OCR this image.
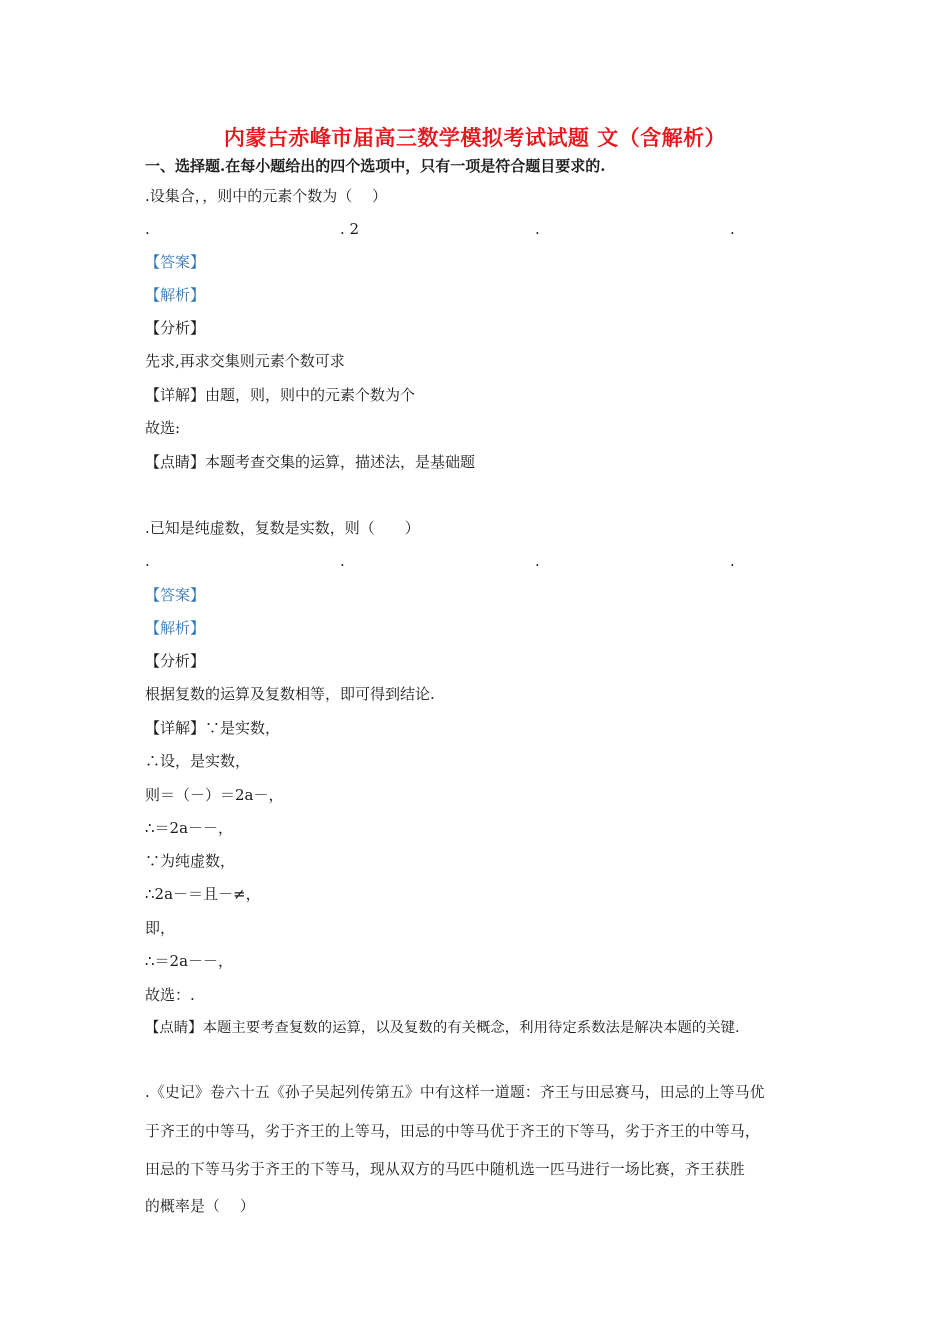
内蒙古赤峰市届高三数学模拟考试试题 文（含解析）
一、选择题.在每小题给出的四个选项中，只有一项是符合题目要求的.
.设集合，，则中的元素个数为（　 ）
.	. 2	.	.
【答案】
【解析】
【分析】
先求,再求交集则元素个数可求
【详解】由题，则，则中的元素个数为个
故选:
【点睛】本题考查交集的运算，描述法，是基础题
.已知是纯虚数，复数是实数，则（　　）
.	.	.	.
【答案】
【解析】
【分析】
根据复数的运算及复数相等，即可得到结论.
【详解】∵是实数，
∴设，是实数，
则＝（－）＝2a－，
∴＝2a－－，
∵为纯虚数，
∴2a－＝且－≠，
即，
∴＝2a－－，
故选：.
【点睛】本题主要考查复数的运算，以及复数的有关概念，利用待定系数法是解决本题的关键.
.《史记》卷六十五《孙子吴起列传第五》中有这样一道题：齐王与田忌赛马，田忌的上等马优
于齐王的中等马，劣于齐王的上等马，田忌的中等马优于齐王的下等马，劣于齐王的中等马，
田忌的下等马劣于齐王的下等马，现从双方的马匹中随机选一匹马进行一场比赛，齐王获胜
的概率是（　 ）
